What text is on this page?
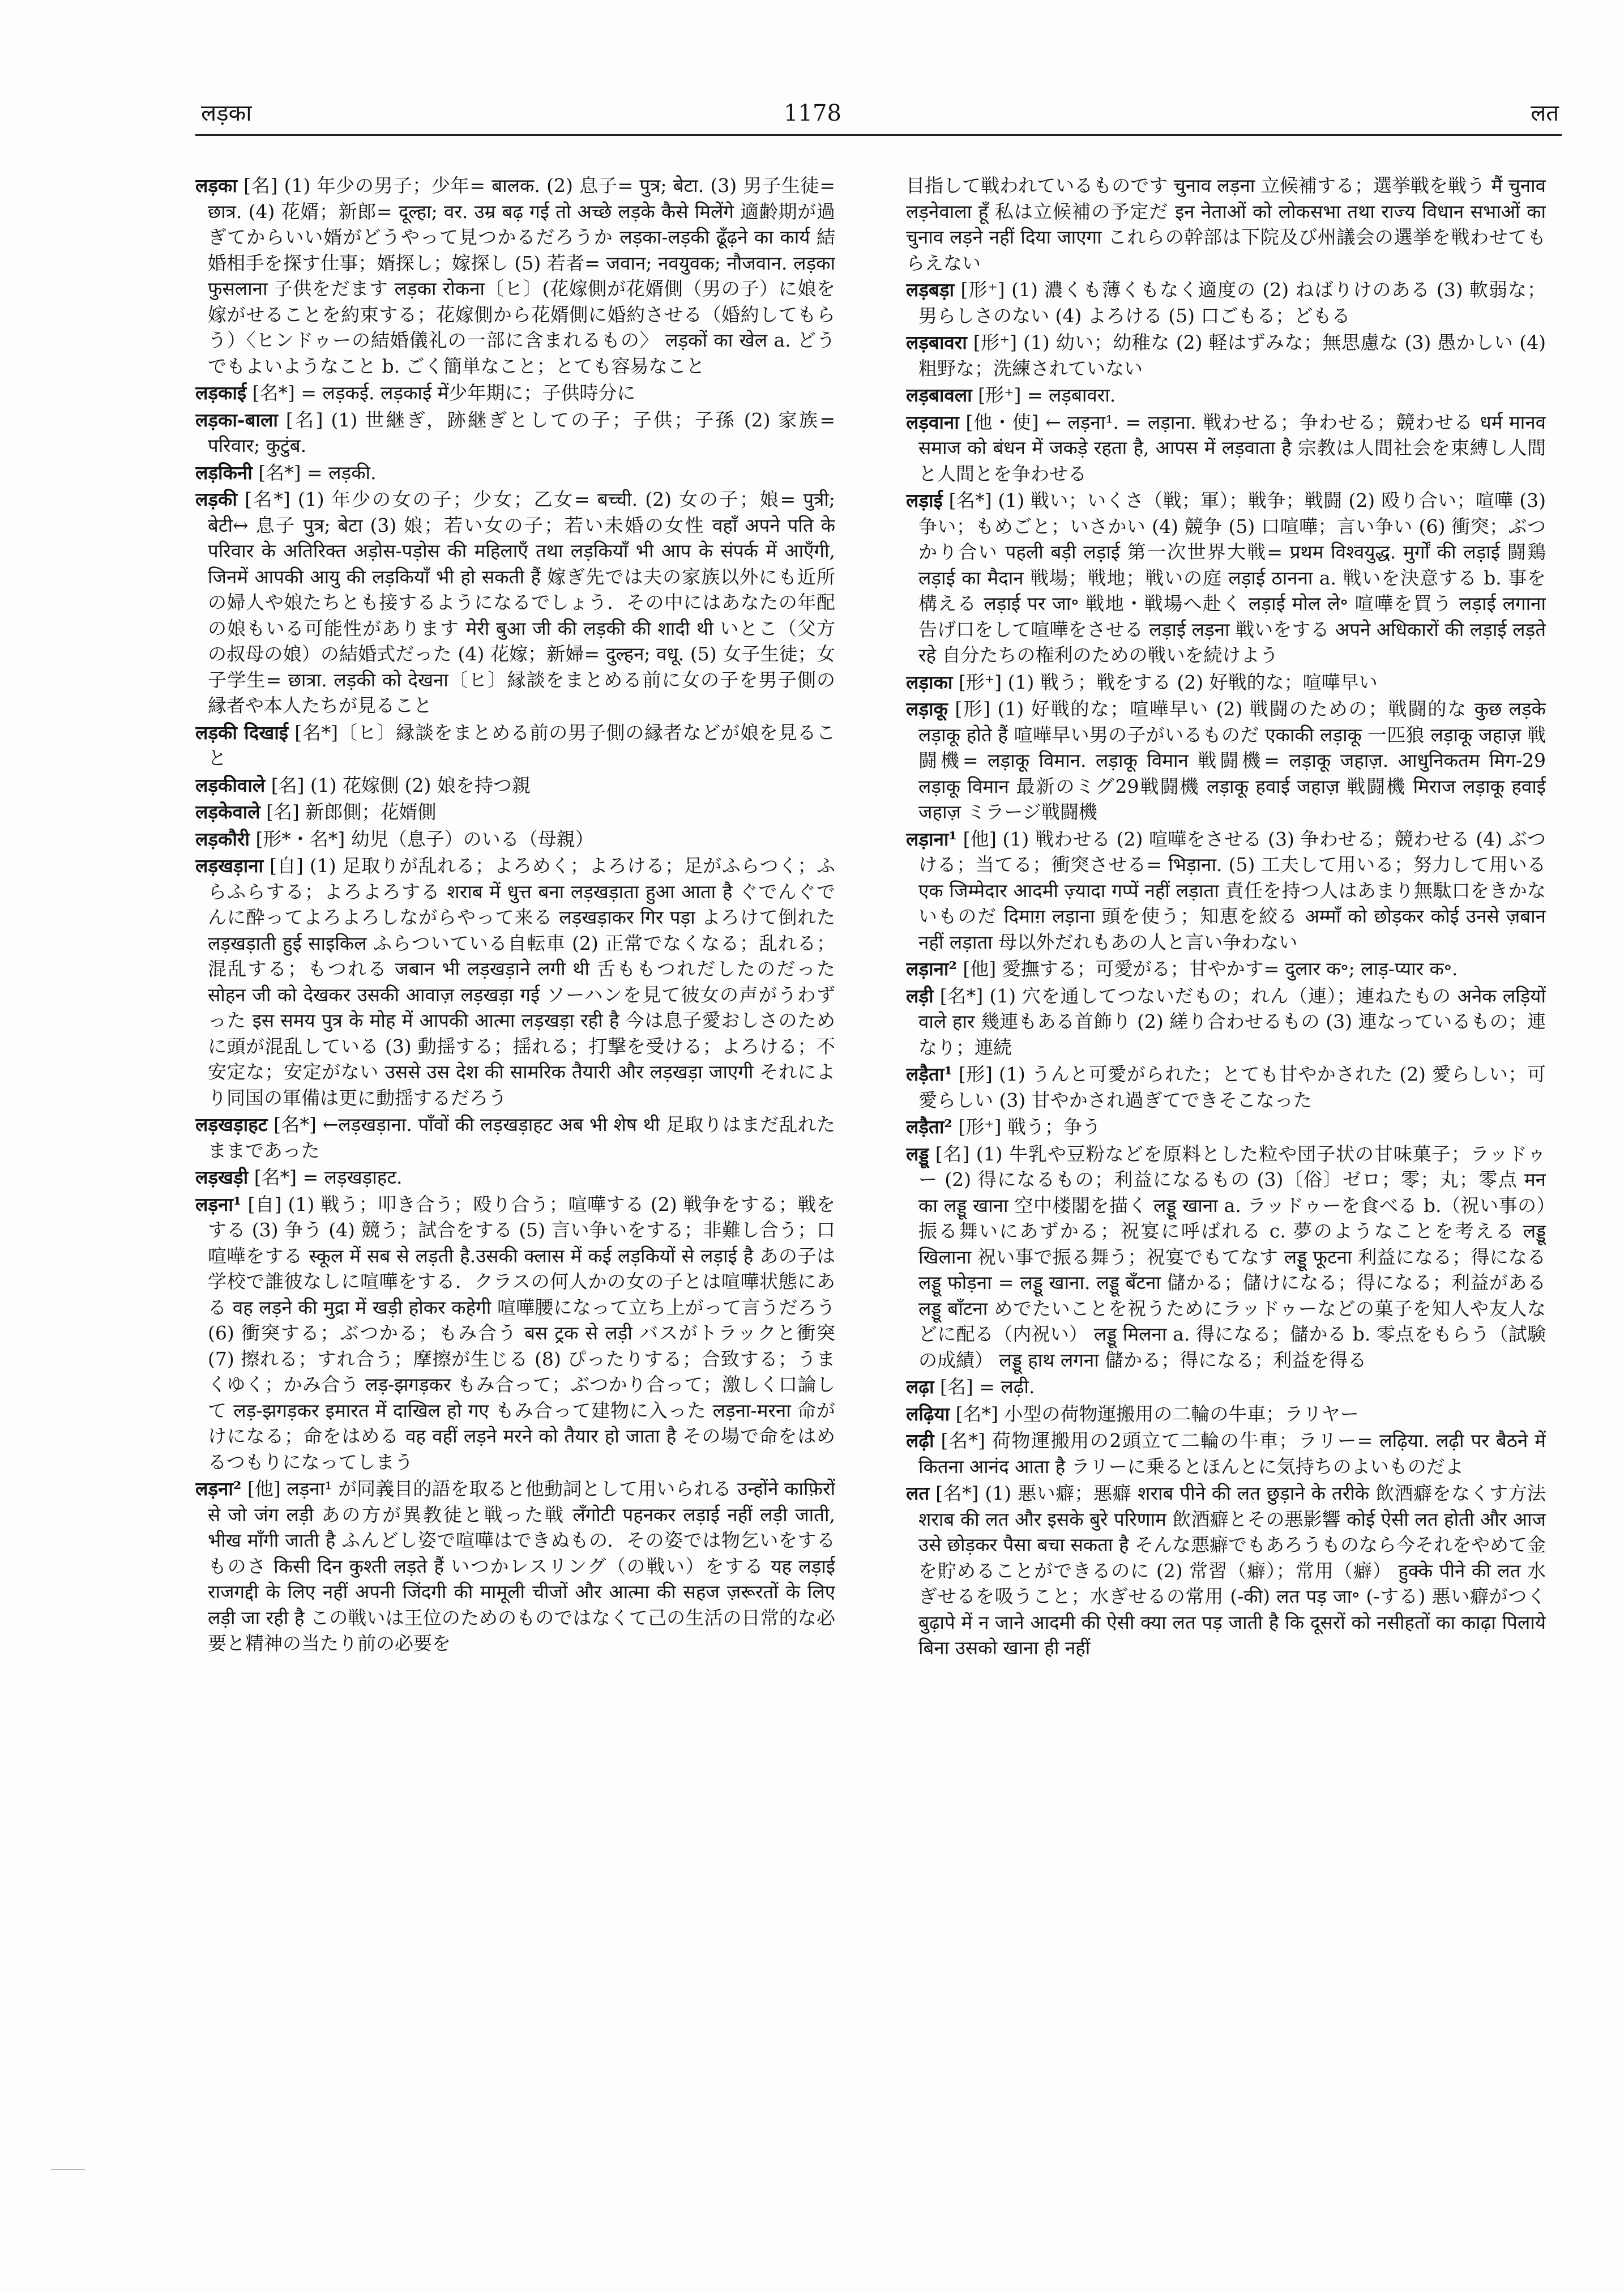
लड़का	1178	लत

लड़का [名] (1) 年少の男子；少年= बालक. (2) 息子= पुत्र; बेटा. (3) 男子生徒= छात्र. (4) 花婿；新郎= दूल्हा; वर. उम्र बढ़ गई तो अच्छे लड़के कैसे मिलेंगे 適齢期が過ぎてからいい婿がどうやって見つかるだろうか लड़का-लड़की ढूँढ़ने का कार्य 結婚相手を探す仕事；婿探し；嫁探し (5) 若者= जवान; नवयुवक; नौजवान. लड़का फुसलाना 子供をだます लड़का रोकना〔ヒ〕(花嫁側が花婿側（男の子）に娘を嫁がせることを約束する；花嫁側から花婿側に婚約させる（婚約してもらう）〈ヒンドゥーの結婚儀礼の一部に含まれるもの〉 लड़कों का खेल a. どうでもよいようなこと b. ごく簡単なこと；とても容易なこと

लड़काई [名*] = लड़कई. लड़काई में少年期に；子供時分に

लड़का-बाला [名] (1) 世継ぎ，跡継ぎとしての子；子供；子孫 (2) 家族= परिवार; कुटुंब.

लड़किनी [名*] = लड़की.

लड़की [名*] (1) 年少の女の子；少女；乙女= बच्ची. (2) 女の子；娘= पुत्री; बेटी↔ 息子 पुत्र; बेटा (3) 娘；若い女の子；若い未婚の女性 वहाँ अपने पति के परिवार के अतिरिक्त अड़ोस-पड़ोस की महिलाएँ तथा लड़कियाँ भी आप के संपर्क में आएँगी, जिनमें आपकी आयु की लड़कियाँ भी हो सकती हैं 嫁ぎ先では夫の家族以外にも近所の婦人や娘たちとも接するようになるでしょう．その中にはあなたの年配の娘もいる可能性があります मेरी बुआ जी की लड़की की शादी थी いとこ（父方の叔母の娘）の結婚式だった (4) 花嫁；新婦= दुल्हन; वधू. (5) 女子生徒；女子学生= छात्रा. लड़की को देखना〔ヒ〕縁談をまとめる前に女の子を男子側の縁者や本人たちが見ること

लड़की दिखाई [名*]〔ヒ〕縁談をまとめる前の男子側の縁者などが娘を見ること

लड़कीवाले [名] (1) 花嫁側 (2) 娘を持つ親

लड़केवाले [名] 新郎側；花婿側

लड़कौरी [形*・名*] 幼児（息子）のいる（母親）

लड़खड़ाना [自] (1) 足取りが乱れる；よろめく；よろける；足がふらつく；ふらふらする；よろよろする शराब में धुत्त बना लड़खड़ाता हुआ आता है ぐでんぐでんに酔ってよろよろしながらやって来る लड़खड़ाकर गिर पड़ा よろけて倒れた लड़खड़ाती हुई साइकिल ふらついている自転車 (2) 正常でなくなる；乱れる；混乱する；もつれる जबान भी लड़खड़ाने लगी थी 舌ももつれだしたのだった सोहन जी को देखकर उसकी आवाज़ लड़खड़ा गई ソーハンを見て彼女の声がうわずった इस समय पुत्र के मोह में आपकी आत्मा लड़खड़ा रही है 今は息子愛おしさのために頭が混乱している (3) 動揺する；揺れる；打撃を受ける；よろける；不安定な；安定がない उससे उस देश की सामरिक तैयारी और लड़खड़ा जाएगी それにより同国の軍備は更に動揺するだろう

लड़खड़ाहट [名*] ←लड़खड़ाना. पाँवों की लड़खड़ाहट अब भी शेष थी 足取りはまだ乱れたままであった

लड़खड़ी [名*] = लड़खड़ाहट.

लड़ना¹ [自] (1) 戦う；叩き合う；殴り合う；喧嘩する (2) 戦争をする；戦をする (3) 争う (4) 競う；試合をする (5) 言い争いをする；非難し合う；口喧嘩をする स्कूल में सब से लड़ती है.उसकी क्लास में कई लड़कियों से लड़ाई है あの子は学校で誰彼なしに喧嘩をする．クラスの何人かの女の子とは喧嘩状態にある वह लड़ने की मुद्रा में खड़ी होकर कहेगी 喧嘩腰になって立ち上がって言うだろう (6) 衝突する；ぶつかる；もみ合う बस ट्रक से लड़ी バスがトラックと衝突 (7) 擦れる；すれ合う；摩擦が生じる (8) ぴったりする；合致する；うまくゆく；かみ合う लड़-झगड़कर もみ合って；ぶつかり合って；激しく口論して लड़-झगड़कर इमारत में दाखिल हो गए もみ合って建物に入った लड़ना-मरना 命がけになる；命をはめる वह वहीं लड़ने मरने को तैयार हो जाता है その場で命をはめるつもりになってしまう

लड़ना² [他] लड़ना¹ が同義目的語を取ると他動詞として用いられる उन्होंने काफ़िरों से जो जंग लड़ी あの方が異教徒と戦った戦 लँगोटी पहनकर लड़ाई नहीं लड़ी जाती, भीख माँगी जाती है ふんどし姿で喧嘩はできぬもの．その姿では物乞いをするものさ किसी दिन कुश्ती लड़ते हैं いつかレスリング（の戦い）をする यह लड़ाई राजगद्दी के लिए नहीं अपनी जिंदगी की मामूली चीजों और आत्मा की सहज ज़रूरतों के लिए लड़ी जा रही है この戦いは王位のためのものではなくて己の生活の日常的な必要と精神の当たり前の必要を

目指して戦われているものです चुनाव लड़ना 立候補する；選挙戦を戦う मैं चुनाव लड़नेवाला हूँ 私は立候補の予定だ इन नेताओं को लोकसभा तथा राज्य विधान सभाओं का चुनाव लड़ने नहीं दिया जाएगा これらの幹部は下院及び州議会の選挙を戦わせてもらえない

लड़बड़ा [形⁺] (1) 濃くも薄くもなく適度の (2) ねばりけのある (3) 軟弱な；男らしさのない (4) よろける (5) 口ごもる；どもる

लड़बावरा [形⁺] (1) 幼い；幼稚な (2) 軽はずみな；無思慮な (3) 愚かしい (4) 粗野な；洗練されていない

लड़बावला [形⁺] = लड़बावरा.

लड़वाना [他・使] ← लड़ना¹. = लड़ाना. 戦わせる；争わせる；競わせる धर्म मानव समाज को बंधन में जकड़े रहता है, आपस में लड़वाता है 宗教は人間社会を束縛し人間と人間とを争わせる

लड़ाई [名*] (1) 戦い；いくさ（戦；軍）；戦争；戦闘 (2) 殴り合い；喧嘩 (3) 争い；もめごと；いさかい (4) 競争 (5) 口喧嘩；言い争い (6) 衝突；ぶつかり合い पहली बड़ी लड़ाई 第一次世界大戦= प्रथम विश्वयुद्ध. मुर्गों की लड़ाई 闘鶏 लड़ाई का मैदान 戦場；戦地；戦いの庭 लड़ाई ठानना a. 戦いを決意する b. 事を構える लड़ाई पर जा॰ 戦地・戦場へ赴く लड़ाई मोल ले॰ 喧嘩を買う लड़ाई लगाना 告げ口をして喧嘩をさせる लड़ाई लड़ना 戦いをする अपने अधिकारों की लड़ाई लड़ते रहे 自分たちの権利のための戦いを続けよう

लड़ाका [形⁺] (1) 戦う；戦をする (2) 好戦的な；喧嘩早い

लड़ाकू [形] (1) 好戦的な；喧嘩早い (2) 戦闘のための；戦闘的な कुछ लड़के लड़ाकू होते हैं 喧嘩早い男の子がいるものだ एकाकी लड़ाकू 一匹狼 लड़ाकू जहाज़ 戦闘機= लड़ाकू विमान. लड़ाकू विमान 戦闘機= लड़ाकू जहाज़. आधुनिकतम मिग-29 लड़ाकू विमान 最新のミグ29戦闘機 लड़ाकू हवाई जहाज़ 戦闘機 मिराज लड़ाकू हवाई जहाज़ ミラージ戦闘機

लड़ाना¹ [他] (1) 戦わせる (2) 喧嘩をさせる (3) 争わせる；競わせる (4) ぶつける；当てる；衝突させる= भिड़ाना. (5) 工夫して用いる；努力して用いる एक जिम्मेदार आदमी ज़्यादा गप्पें नहीं लड़ाता 責任を持つ人はあまり無駄口をきかないものだ दिमाग़ लड़ाना 頭を使う；知恵を絞る अम्माँ को छोड़कर कोई उनसे ज़बान नहीं लड़ाता 母以外だれもあの人と言い争わない

लड़ाना² [他] 愛撫する；可愛がる；甘やかす= दुलार क॰; लाड़-प्यार क॰.

लड़ी [名*] (1) 穴を通してつないだもの；れん（連）；連ねたもの अनेक लड़ियों वाले हार 幾連もある首飾り (2) 縒り合わせるもの (3) 連なっているもの；連なり；連続

लड़ैता¹ [形] (1) うんと可愛がられた；とても甘やかされた (2) 愛らしい；可愛らしい (3) 甘やかされ過ぎてできそこなった

लड़ैता² [形⁺] 戦う；争う

लड्डू [名] (1) 牛乳や豆粉などを原料とした粒や団子状の甘味菓子；ラッドゥー (2) 得になるもの；利益になるもの (3)〔俗〕ゼロ；零；丸；零点 मन का लड्डू खाना 空中楼閣を描く लड्डू खाना a. ラッドゥーを食べる b.（祝い事の）振る舞いにあずかる；祝宴に呼ばれる c. 夢のようなことを考える लड्डू खिलाना 祝い事で振る舞う；祝宴でもてなす लड्डू फूटना 利益になる；得になる लड्डू फोड़ना = लड्डू खाना. लड्डू बँटना 儲かる；儲けになる；得になる；利益がある लड्डू बाँटना めでたいことを祝うためにラッドゥーなどの菓子を知人や友人などに配る（内祝い） लड्डू मिलना a. 得になる；儲かる b. 零点をもらう（試験の成績） लड्डू हाथ लगना 儲かる；得になる；利益を得る

लढ़ा [名] = लढ़ी.

लढ़िया [名*] 小型の荷物運搬用の二輪の牛車；ラリヤー

लढ़ी [名*] 荷物運搬用の2頭立て二輪の牛車；ラリー= लढ़िया. लढ़ी पर बैठने में कितना आनंद आता है ラリーに乗るとほんとに気持ちのよいものだよ

लत [名*] (1) 悪い癖；悪癖 शराब पीने की लत छुड़ाने के तरीके 飲酒癖をなくす方法 शराब की लत और इसके बुरे परिणाम 飲酒癖とその悪影響 कोई ऐसी लत होती और आज उसे छोड़कर पैसा बचा सकता है そんな悪癖でもあろうものなら今それをやめて金を貯めることができるのに (2) 常習（癖）；常用（癖） हुक्के पीने की लत 水ぎせるを吸うこと；水ぎせるの常用 (-की) लत पड़ जा॰ (-する) 悪い癖がつく बुढ़ापे में न जाने आदमी की ऐसी क्या लत पड़ जाती है कि दूसरों को नसीहतों का काढ़ा पिलाये बिना उसको खाना ही नहीं
